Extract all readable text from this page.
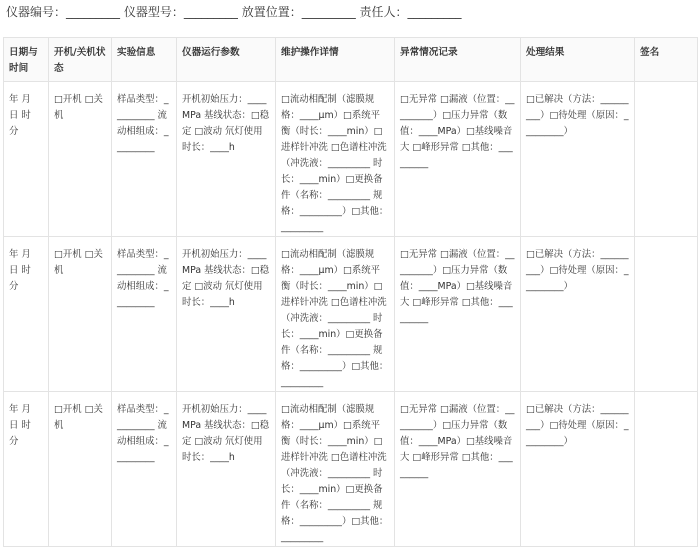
仪器编号：_________ 仪器型号：_________ 放置位置：_________ 责任人：_________
日期与时间	开机/关机状态	实验信息	仪器运行参数	维护操作详情	异常情况记录	处理结果	签名
年 月 日 时 分	□开机 □关机	样品类型：_________ 流动相组成：_________	开机初始压力：____MPa 基线状态：□稳定 □波动 氘灯使用时长：____h	□流动相配制（滤膜规格：____μm）□系统平衡（时长：____min）□进样针冲洗 □色谱柱冲洗（冲洗液：_________ 时长：____min）□更换备件（名称：_________ 规格：_________）□其他：_________	□无异常 □漏液（位置：_________）□压力异常（数值：____MPa）□基线噪音大 □峰形异常 □其他：_________	□已解决（方法：_________）□待处理（原因：_________）	
年 月 日 时 分	□开机 □关机	样品类型：_________ 流动相组成：_________	开机初始压力：____MPa 基线状态：□稳定 □波动 氘灯使用时长：____h	□流动相配制（滤膜规格：____μm）□系统平衡（时长：____min）□进样针冲洗 □色谱柱冲洗（冲洗液：_________ 时长：____min）□更换备件（名称：_________ 规格：_________）□其他：_________	□无异常 □漏液（位置：_________）□压力异常（数值：____MPa）□基线噪音大 □峰形异常 □其他：_________	□已解决（方法：_________）□待处理（原因：_________）	
年 月 日 时 分	□开机 □关机	样品类型：_________ 流动相组成：_________	开机初始压力：____MPa 基线状态：□稳定 □波动 氘灯使用时长：____h	□流动相配制（滤膜规格：____μm）□系统平衡（时长：____min）□进样针冲洗 □色谱柱冲洗（冲洗液：_________ 时长：____min）□更换备件（名称：_________ 规格：_________）□其他：_________	□无异常 □漏液（位置：_________）□压力异常（数值：____MPa）□基线噪音大 □峰形异常 □其他：_________	□已解决（方法：_________）□待处理（原因：_________）	
